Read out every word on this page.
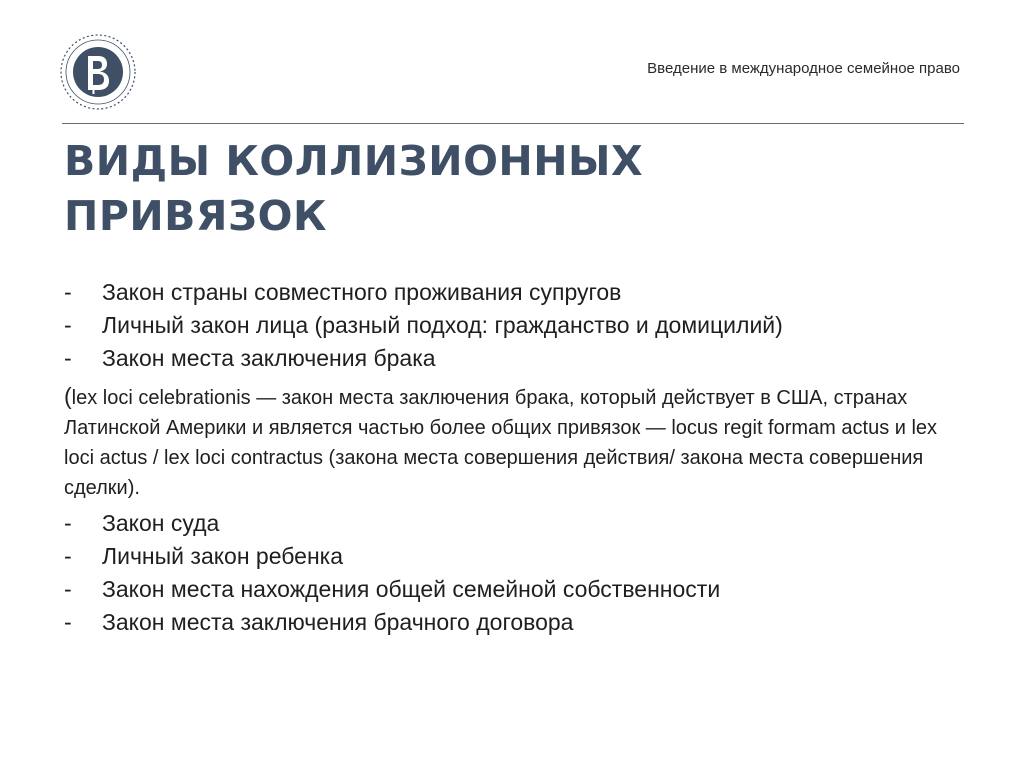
Введение в международное семейное право
ВИДЫ КОЛЛИЗИОННЫХ
ПРИВЯЗОК
-	Закон страны совместного проживания супругов
-	Личный закон лица (разный подход: гражданство и домицилий)
-	Закон места заключения брака
(lex loci celebrationis — закон места заключения брака, который действует в США, странах Латинской Америки и является частью более общих привязок — locus regit formam actus и lex loci actus / lex loci contractus (закона места совершения действия/ закона места совершения сделки).
-	Закон суда
-	Личный закон ребенка
-	Закон места нахождения общей семейной собственности
-	Закон места заключения брачного договора
